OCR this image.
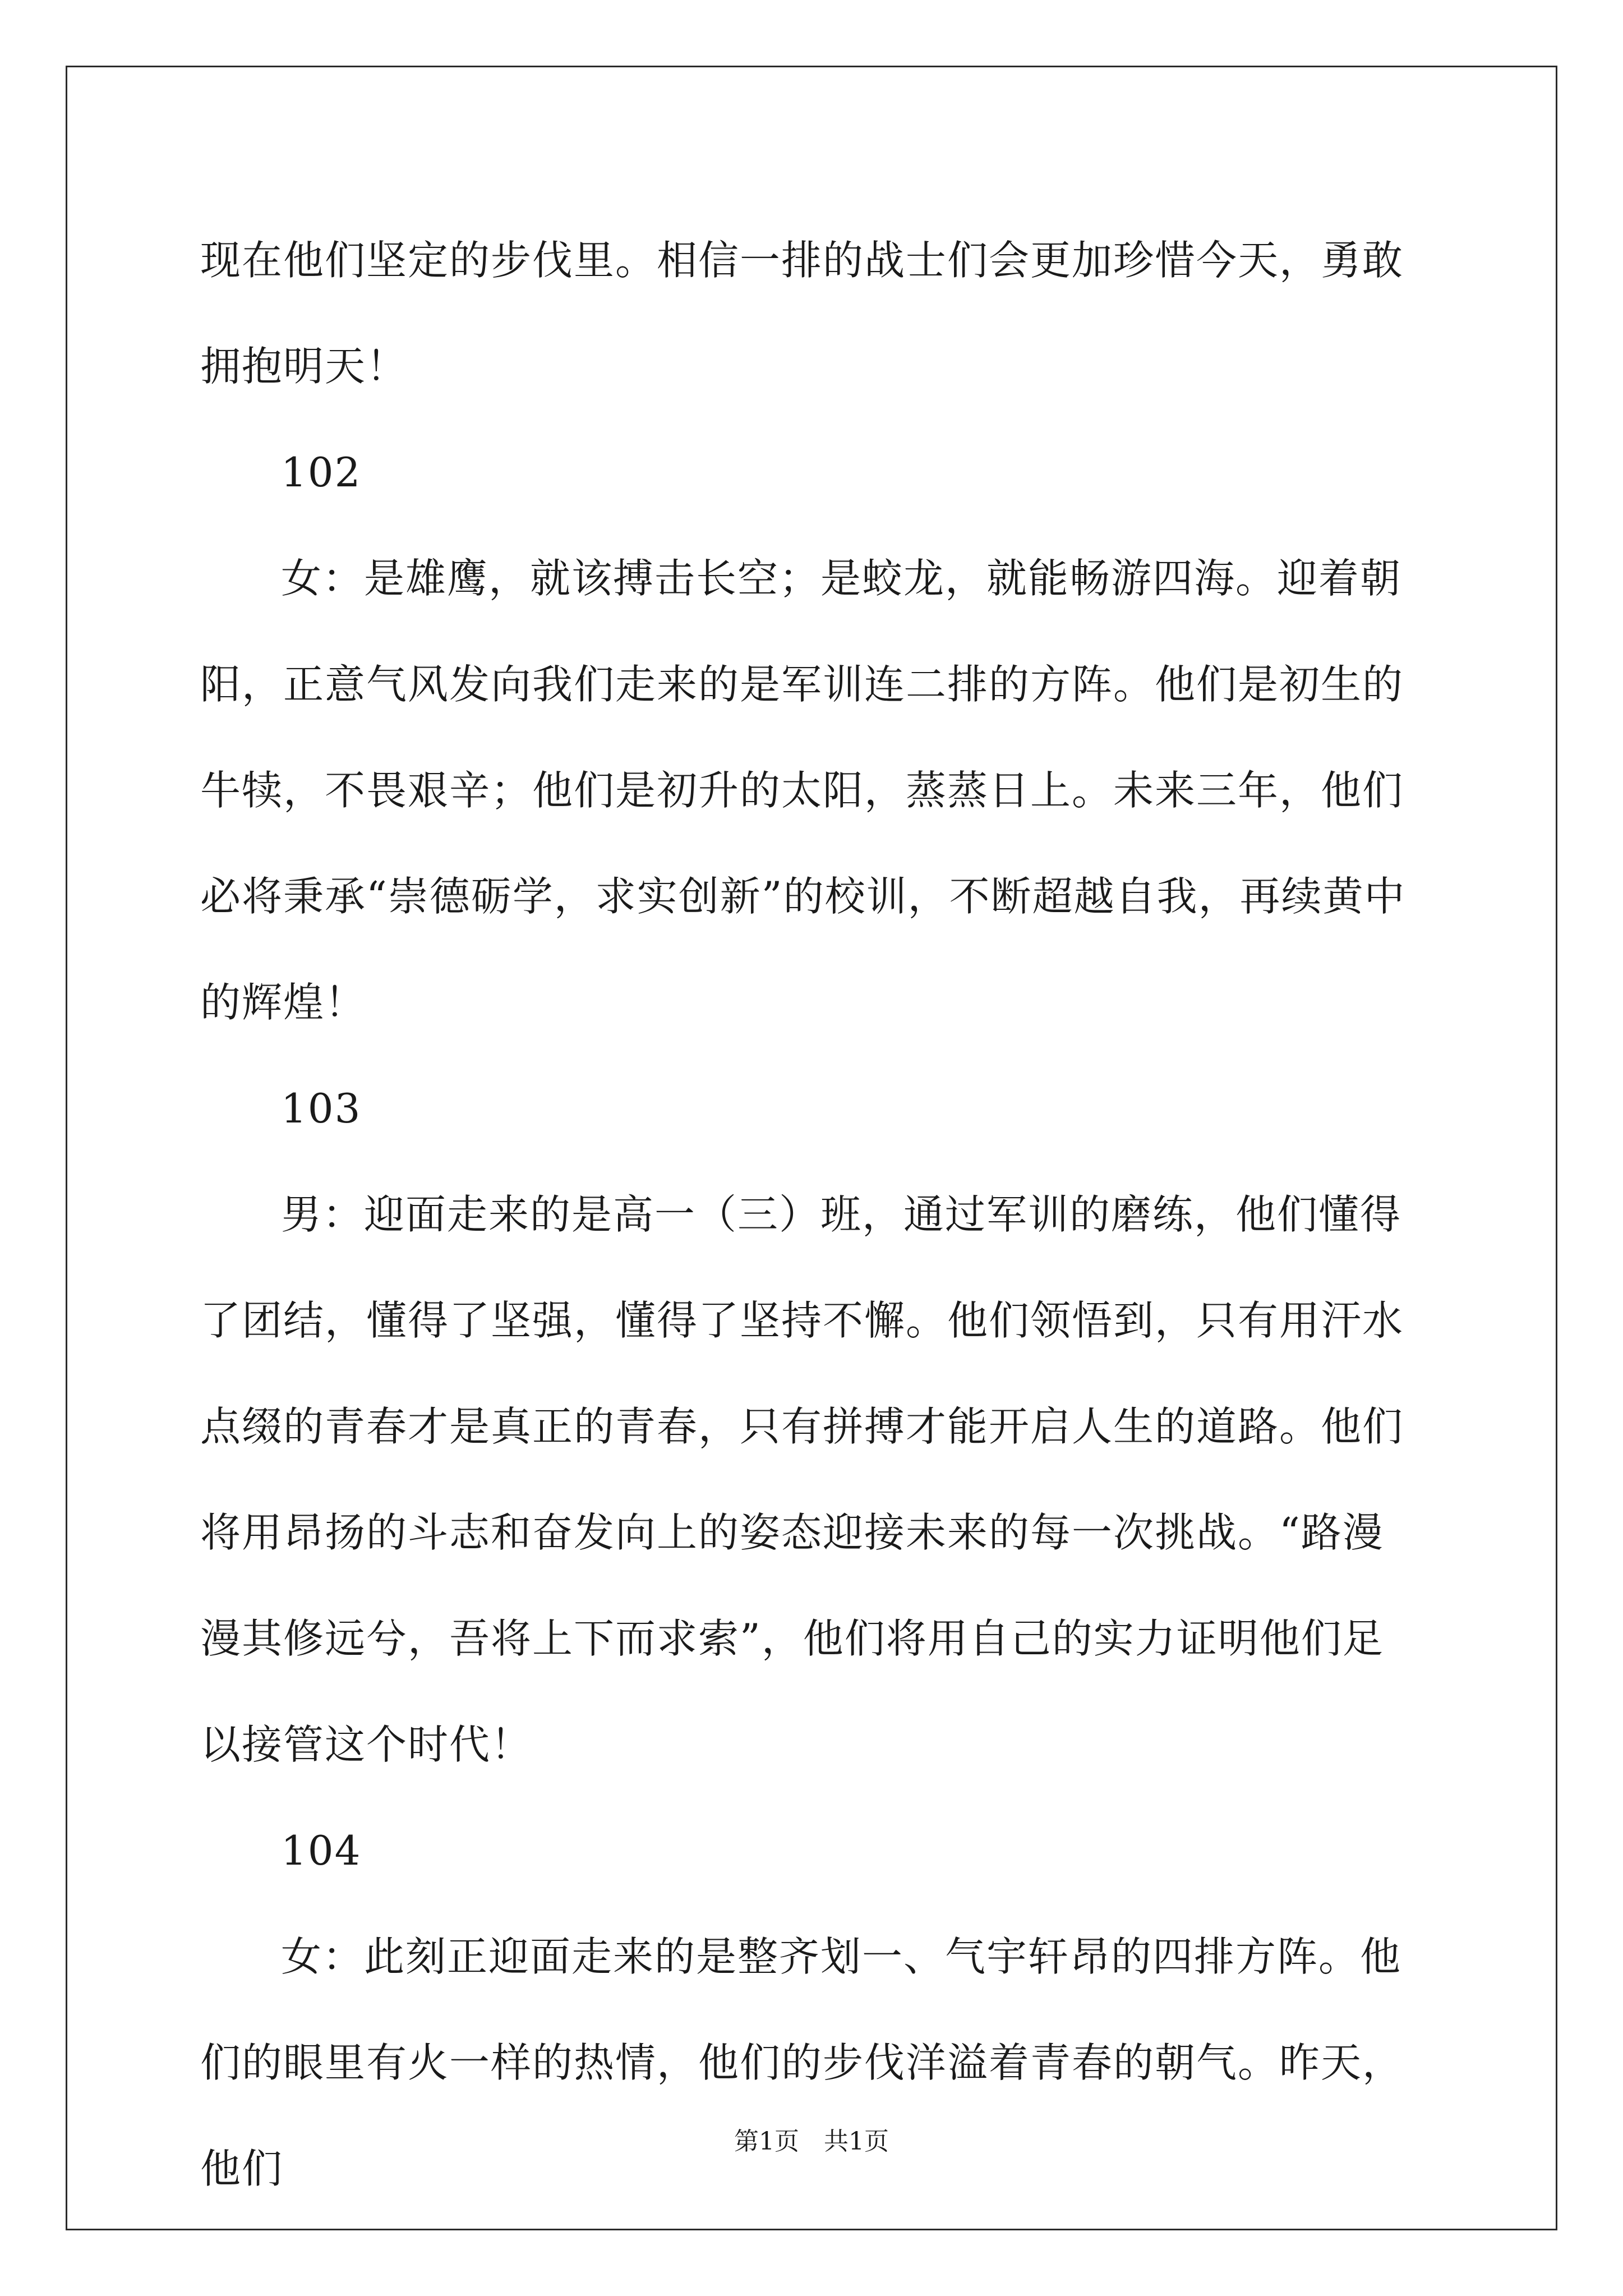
现在他们坚定的步伐里。相信一排的战士们会更加珍惜今天，勇敢拥抱明天！

102

女：是雄鹰，就该搏击长空；是蛟龙，就能畅游四海。迎着朝阳，正意气风发向我们走来的是军训连二排的方阵。他们是初生的牛犊，不畏艰辛；他们是初升的太阳，蒸蒸日上。未来三年，他们必将秉承“崇德砺学，求实创新”的校训，不断超越自我，再续黄中的辉煌！

103

男：迎面走来的是高一（三）班，通过军训的磨练，他们懂得了团结，懂得了坚强，懂得了坚持不懈。他们领悟到，只有用汗水点缀的青春才是真正的青春，只有拼搏才能开启人生的道路。他们将用昂扬的斗志和奋发向上的姿态迎接未来的每一次挑战。“路漫漫其修远兮，吾将上下而求索”，他们将用自己的实力证明他们足以接管这个时代！

104

女：此刻正迎面走来的是整齐划一、气宇轩昂的四排方阵。他们的眼里有火一样的热情，他们的步伐洋溢着青春的朝气。昨天，他们

第1页 共1页
